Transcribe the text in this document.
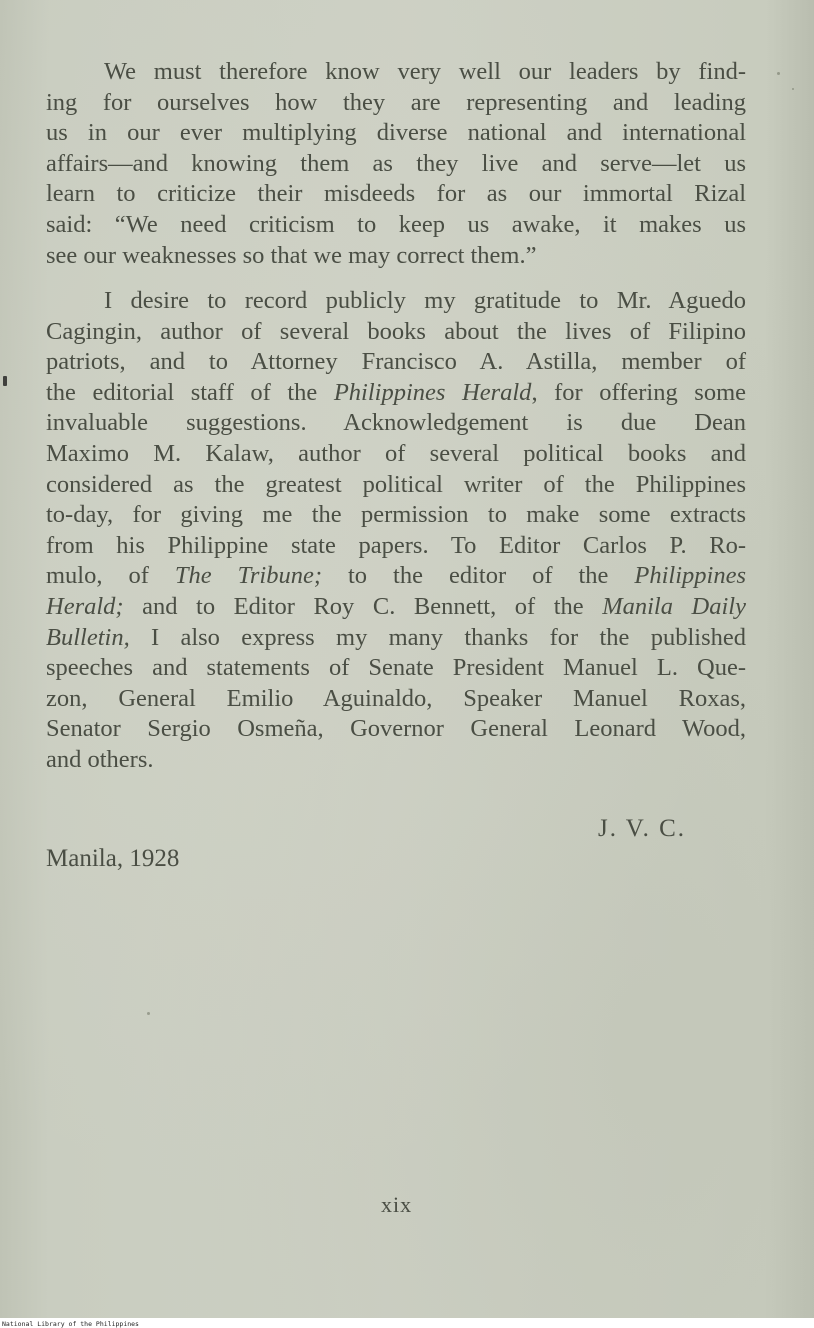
We must therefore know very well our leaders by find-
ing for ourselves how they are representing and leading
us in our ever multiplying diverse national and international
affairs—and knowing them as they live and serve—let us
learn to criticize their misdeeds for as our immortal Rizal
said: “We need criticism to keep us awake, it makes us
see our weaknesses so that we may correct them.”
I desire to record publicly my gratitude to Mr. Aguedo
Cagingin, author of several books about the lives of Filipino
patriots, and to Attorney Francisco A. Astilla, member of
the editorial staff of the Philippines Herald, for offering some
invaluable suggestions. Acknowledgement is due Dean
Maximo M. Kalaw, author of several political books and
considered as the greatest political writer of the Philippines
to-day, for giving me the permission to make some extracts
from his Philippine state papers. To Editor Carlos P. Ro-
mulo, of The Tribune; to the editor of the Philippines
Herald; and to Editor Roy C. Bennett, of the Manila Daily
Bulletin, I also express my many thanks for the published
speeches and statements of Senate President Manuel L. Que-
zon, General Emilio Aguinaldo, Speaker Manuel Roxas,
Senator Sergio Osmeña, Governor General Leonard Wood,
and others.
J. V. C.
Manila, 1928
xix
National Library of the Philippines
